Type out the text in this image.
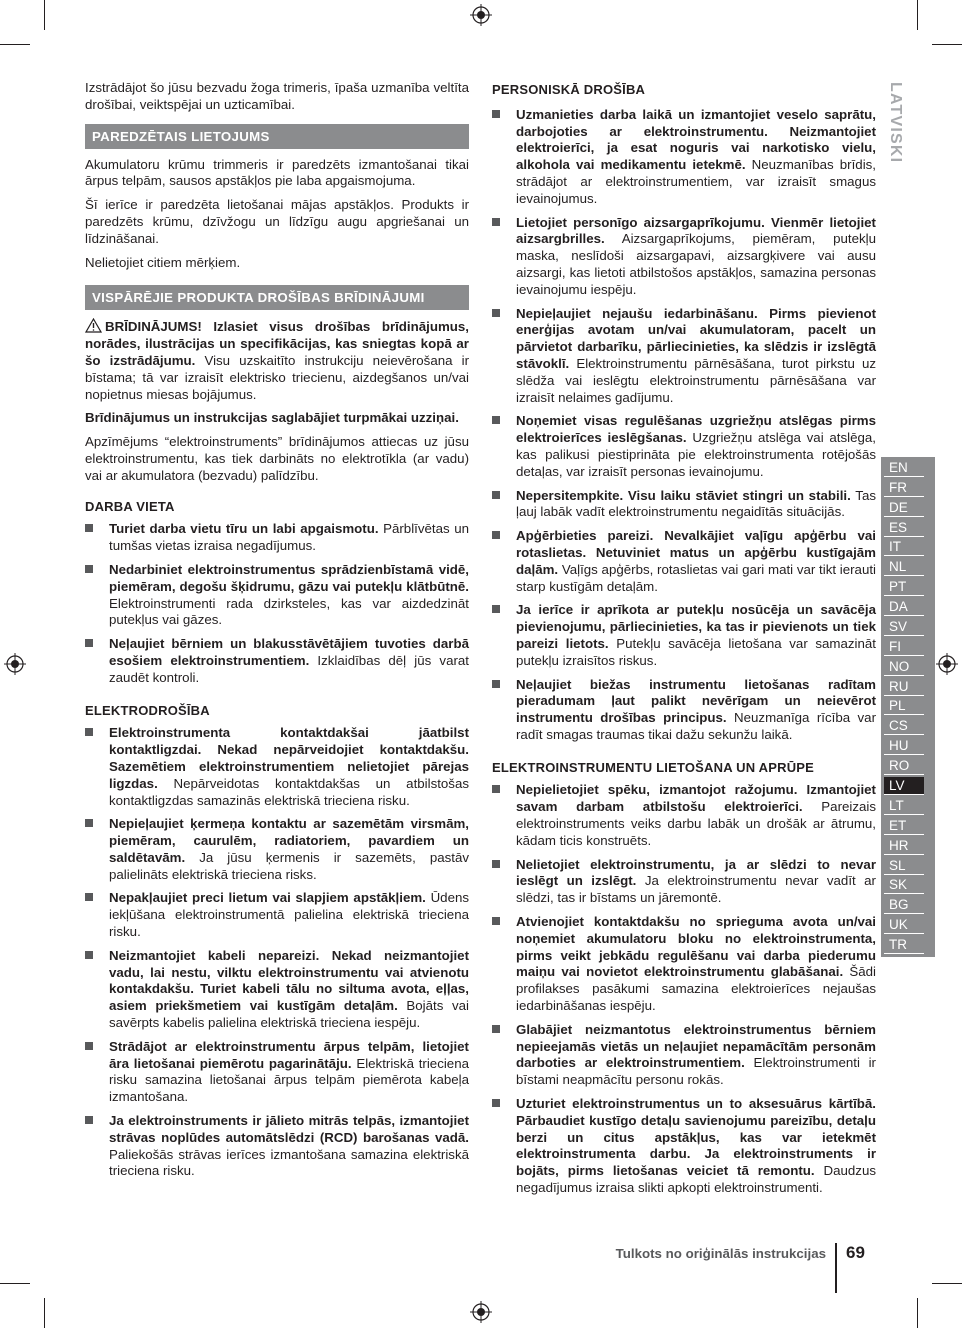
Izstrādājot šo jūsu bezvadu žoga trimeris, īpaša uzmanība veltīta drošībai, veiktspējai un uzticamībai.

PAREDZĒTAIS LIETOJUMS

Akumulatoru krūmu trimmeris ir paredzēts izmantošanai tikai ārpus telpām, sausos apstākļos pie laba apgaismojuma.

Šī ierīce ir paredzēta lietošanai mājas apstākļos. Produkts ir paredzēts krūmu, dzīvžogu un līdzīgu augu apgriešanai un līdzināšanai.

Nelietojiet citiem mērķiem.

VISPĀRĒJIE PRODUKTA DROŠĪBAS BRĪDINĀJUMI

BRĪDINĀJUMS! Izlasiet visus drošības brīdinājumus, norādes, ilustrācijas un specifikācijas, kas sniegtas kopā ar šo izstrādājumu. Visu uzskaitīto instrukciju neievērošana ir bīstama; tā var izraisīt elektrisko triecienu, aizdegšanos un/vai nopietnus miesas bojājumus.

Brīdinājumus un instrukcijas saglabājiet turpmākai uzziņai.

Apzīmējums “elektroinstruments” brīdinājumos attiecas uz jūsu elektroinstrumentu, kas tiek darbināts no elektrotīkla (ar vadu) vai ar akumulatora (bezvadu) palīdzību.

DARBA VIETA
Turiet darba vietu tīru un labi apgaismotu. Pārblīvētas un tumšas vietas izraisa negadījumus.
Nedarbiniet elektroinstrumentus sprādzienbīstamā vidē, piemēram, degošu šķidrumu, gāzu vai putekļu klātbūtnē. Elektroinstrumenti rada dzirksteles, kas var aizdedzināt putekļus vai gāzes.
Neļaujiet bērniem un blakusstāvētājiem tuvoties darbā esošiem elektroinstrumentiem. Izklaidības dēļ jūs varat zaudēt kontroli.
ELEKTRODROŠĪBA
Elektroinstrumenta kontaktdakšai jāatbilst kontaktligzdai. Nekad nepārveidojiet kontaktdakšu. Sazemētiem elektroinstrumentiem nelietojiet pārejas ligzdas. Nepārveidotas kontaktdakšas un atbilstošas kontaktligzdas samazinās elektriskā trieciena risku.
Nepieļaujiet ķermeņa kontaktu ar sazemētām virsmām, piemēram, caurulēm, radiatoriem, pavardiem un saldētavām. Ja jūsu ķermenis ir sazemēts, pastāv palielināts elektriskā trieciena risks.
Nepakļaujiet preci lietum vai slapjiem apstākļiem. Ūdens iekļūšana elektroinstrumentā palielina elektriskā trieciena risku.
Neizmantojiet kabeli nepareizi. Nekad neizmantojiet vadu, lai nestu, vilktu elektroinstrumentu vai atvienotu kontakdakšu. Turiet kabeli tālu no siltuma avota, eļļas, asiem priekšmetiem vai kustīgām detaļām. Bojāts vai savērpts kabelis palielina elektriskā trieciena iespēju.
Strādājot ar elektroinstrumentu ārpus telpām, lietojiet āra lietošanai piemērotu pagarinātāju. Elektriskā trieciena risku samazina lietošanai ārpus telpām piemērota kabeļa izmantošana.
Ja elektroinstruments ir jālieto mitrās telpās, izmantojiet strāvas noplūdes automātslēdzi (RCD) barošanas vadā. Paliekošās strāvas ierīces izmantošana samazina elektriskā trieciena risku.
PERSONISKĀ DROŠĪBA
Uzmanieties darba laikā un izmantojiet veselo saprātu, darbojoties ar elektroinstrumentu. Neizmantojiet elektroierīci, ja esat noguris vai narkotisko vielu, alkohola vai medikamentu ietekmē. Neuzmanības brīdis, strādājot ar elektroinstrumentiem, var izraisīt smagus ievainojumus.
Lietojiet personīgo aizsargaprīkojumu. Vienmēr lietojiet aizsargbrilles. Aizsargaprīkojums, piemēram, putekļu maska, neslīdoši aizsargapavi, aizsargķivere vai ausu aizsargi, kas lietoti atbilstošos apstākļos, samazina personas ievainojumu iespēju.
Nepieļaujiet nejaušu iedarbināšanu. Pirms pievienot enerģijas avotam un/vai akumulatoram, pacelt un pārvietot darbarīku, pārliecinieties, ka slēdzis ir izslēgtā stāvoklī. Elektroinstrumentu pārnēsāšana, turot pirkstu uz slēdža vai ieslēgtu elektroinstrumentu pārnēsāšana var izraisīt nelaimes gadījumu.
Noņemiet visas regulēšanas uzgriežņu atslēgas pirms elektroierīces ieslēgšanas. Uzgriežņu atslēga vai atslēga, kas palikusi piestiprināta pie elektroinstrumenta rotējošās detaļas, var izraisīt personas ievainojumu.
Nepersitempkite. Visu laiku stāviet stingri un stabili. Tas ļauj labāk vadīt elektroinstrumentu negaidītās situācijās.
Apģērbieties pareizi. Nevalkājiet vaļīgu apģērbu vai rotaslietas. Netuviniet matus un apģērbu kustīgajām daļām. Vaļīgs apģērbs, rotaslietas vai gari mati var tikt ierauti starp kustīgām detaļām.
Ja ierīce ir aprīkota ar putekļu nosūcēja un savācēja pievienojumu, pārliecinieties, ka tas ir pievienots un tiek pareizi lietots. Putekļu savācēja lietošana var samazināt putekļu izraisītos riskus.
Neļaujiet biežas instrumentu lietošanas radītam pieradumam ļaut palikt nevērīgam un neievērot instrumentu drošības principus. Neuzmanīga rīcība var radīt smagas traumas tikai dažu sekunžu laikā.
ELEKTROINSTRUMENTU LIETOŠANA UN APRŪPE
Nepielietojiet spēku, izmantojot ražojumu. Izmantojiet savam darbam atbilstošu elektroierīci. Pareizais elektroinstruments veiks darbu labāk un drošāk ar ātrumu, kādam ticis konstruēts.
Nelietojiet elektroinstrumentu, ja ar slēdzi to nevar ieslēgt un izslēgt. Ja elektroinstrumentu nevar vadīt ar slēdzi, tas ir bīstams un jāremontē.
Atvienojiet kontaktdakšu no sprieguma avota un/vai noņemiet akumulatoru bloku no elektroinstrumenta, pirms veikt jebkādu regulēšanu vai darba piederumu maiņu vai novietot elektroinstrumentu glabāšanai. Šādi profilakses pasākumi samazina elektroierīces nejaušas iedarbināšanas iespēju.
Glabājiet neizmantotus elektroinstrumentus bērniem nepieejamās vietās un neļaujiet nepamācītām personām darboties ar elektroinstrumentiem. Elektroinstrumenti ir bīstami neapmācītu personu rokās.
Uzturiet elektroinstrumentus un to aksesuārus kārtībā. Pārbaudiet kustīgo detaļu savienojumu pareizību, detaļu berzi un citus apstākļus, kas var ietekmēt elektroinstrumenta darbu. Ja elektroinstruments ir bojāts, pirms lietošanas veiciet tā remontu. Daudzus negadījumus izraisa slikti apkopti elektroinstrumenti.
LATVISKI
EN
FR
DE
ES
IT
NL
PT
DA
SV
FI
NO
RU
PL
CS
HU
RO
LV
LT
ET
HR
SL
SK
BG
UK
TR
Tulkots no oriģinālās instrukcijas 69
